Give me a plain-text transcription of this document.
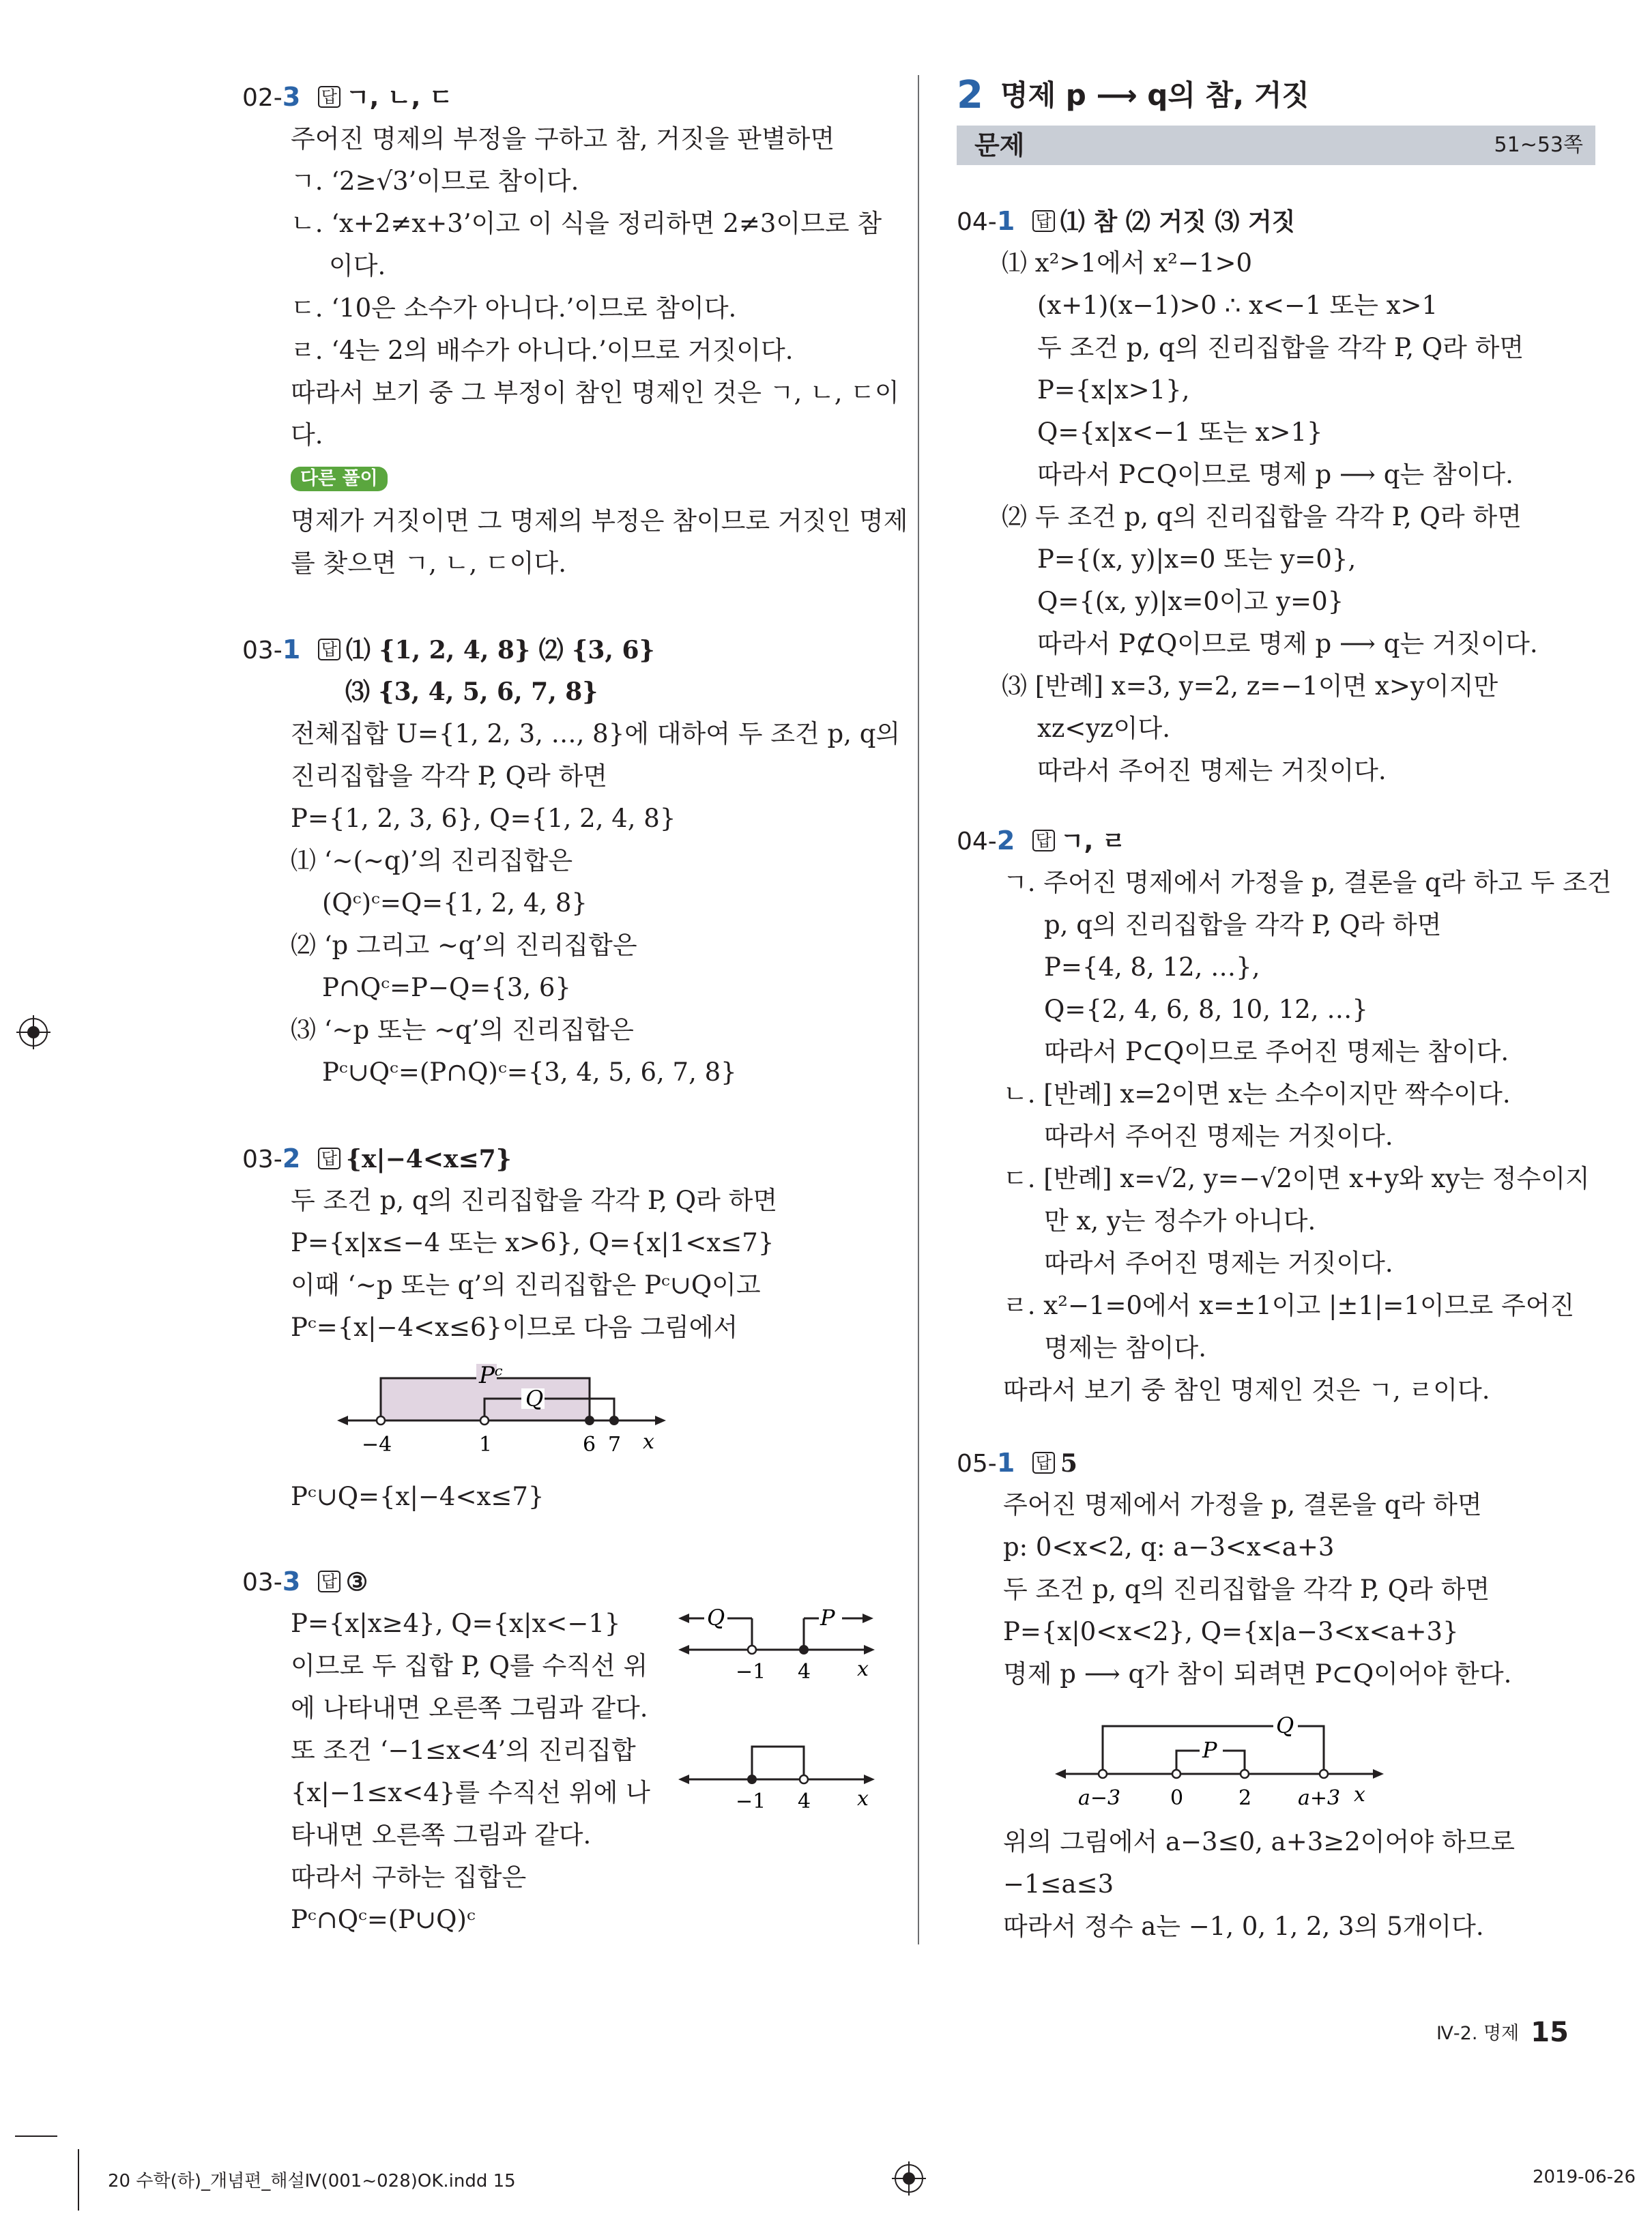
02-3 답 ㄱ, ㄴ, ㄷ
주어진 명제의 부정을 구하고 참, 거짓을 판별하면
ㄱ. ‘2≥√3’이므로 참이다.
ㄴ. ‘x+2≠x+3’이고 이 식을 정리하면 2≠3이므로 참
이다.
ㄷ. ‘10은 소수가 아니다.’이므로 참이다.
ㄹ. ‘4는 2의 배수가 아니다.’이므로 거짓이다.
따라서 보기 중 그 부정이 참인 명제인 것은 ㄱ, ㄴ, ㄷ이
다.
다른 풀이
명제가 거짓이면 그 명제의 부정은 참이므로 거짓인 명제
를 찾으면 ㄱ, ㄴ, ㄷ이다.
03-1 답 ⑴ {1, 2, 4, 8} ⑵ {3, 6}
⑶ {3, 4, 5, 6, 7, 8}
전체집합 U={1, 2, 3, …, 8}에 대하여 두 조건 p, q의
진리집합을 각각 P, Q라 하면
P={1, 2, 3, 6}, Q={1, 2, 4, 8}
⑴ ‘~(~q)’의 진리집합은
(Qᶜ)ᶜ=Q={1, 2, 4, 8}
⑵ ‘p 그리고 ~q’의 진리집합은
P∩Qᶜ=P−Q={3, 6}
⑶ ‘~p 또는 ~q’의 진리집합은
Pᶜ∪Qᶜ=(P∩Q)ᶜ={3, 4, 5, 6, 7, 8}
03-2 답 {x|−4<x≤7}
두 조건 p, q의 진리집합을 각각 P, Q라 하면
P={x|x≤−4 또는 x>6}, Q={x|1<x≤7}
이때 ‘~p 또는 q’의 진리집합은 Pᶜ∪Q이고
Pᶜ={x|−4<x≤6}이므로 다음 그림에서
Pᶜ
Q
−4	1	6 7 x
Pᶜ∪Q={x|−4<x≤7}
03-3 답 ③
P={x|x≥4}, Q={x|x<−1}
이므로 두 집합 P, Q를 수직선 위
에 나타내면 오른쪽 그림과 같다.
또 조건 ‘−1≤x<4’의 진리집합
{x|−1≤x<4}를 수직선 위에 나
타내면 오른쪽 그림과 같다.
따라서 구하는 집합은
Pᶜ∩Qᶜ=(P∪Q)ᶜ
Q	P
−1 4 x
−1 4 x
2 명제 p ⟶ q의 참, 거짓
문제	51~53쪽
04-1 답 ⑴ 참 ⑵ 거짓 ⑶ 거짓
⑴ x²>1에서 x²−1>0
(x+1)(x−1)>0 ∴ x<−1 또는 x>1
두 조건 p, q의 진리집합을 각각 P, Q라 하면
P={x|x>1},
Q={x|x<−1 또는 x>1}
따라서 P⊂Q이므로 명제 p ⟶ q는 참이다.
⑵ 두 조건 p, q의 진리집합을 각각 P, Q라 하면
P={(x, y)|x=0 또는 y=0},
Q={(x, y)|x=0이고 y=0}
따라서 P⊄Q이므로 명제 p ⟶ q는 거짓이다.
⑶ [반례] x=3, y=2, z=−1이면 x>y이지만
xz<yz이다.
따라서 주어진 명제는 거짓이다.
04-2 답 ㄱ, ㄹ
ㄱ. 주어진 명제에서 가정을 p, 결론을 q라 하고 두 조건
p, q의 진리집합을 각각 P, Q라 하면
P={4, 8, 12, …},
Q={2, 4, 6, 8, 10, 12, …}
따라서 P⊂Q이므로 주어진 명제는 참이다.
ㄴ. [반례] x=2이면 x는 소수이지만 짝수이다.
따라서 주어진 명제는 거짓이다.
ㄷ. [반례] x=√2, y=−√2이면 x+y와 xy는 정수이지
만 x, y는 정수가 아니다.
따라서 주어진 명제는 거짓이다.
ㄹ. x²−1=0에서 x=±1이고 |±1|=1이므로 주어진
명제는 참이다.
따라서 보기 중 참인 명제인 것은 ㄱ, ㄹ이다.
05-1 답 5
주어진 명제에서 가정을 p, 결론을 q라 하면
p: 0<x<2, q: a−3<x<a+3
두 조건 p, q의 진리집합을 각각 P, Q라 하면
P={x|0<x<2}, Q={x|a−3<x<a+3}
명제 p ⟶ q가 참이 되려면 P⊂Q이어야 한다.
Q
P
a−3 0	2 a+3 x
위의 그림에서 a−3≤0, a+3≥2이어야 하므로
−1≤a≤3
따라서 정수 a는 −1, 0, 1, 2, 3의 5개이다.
Ⅳ-2. 명제 15
20 수학(하)_개념편_해설Ⅳ(001~028)OK.indd 15	2019-06-26
